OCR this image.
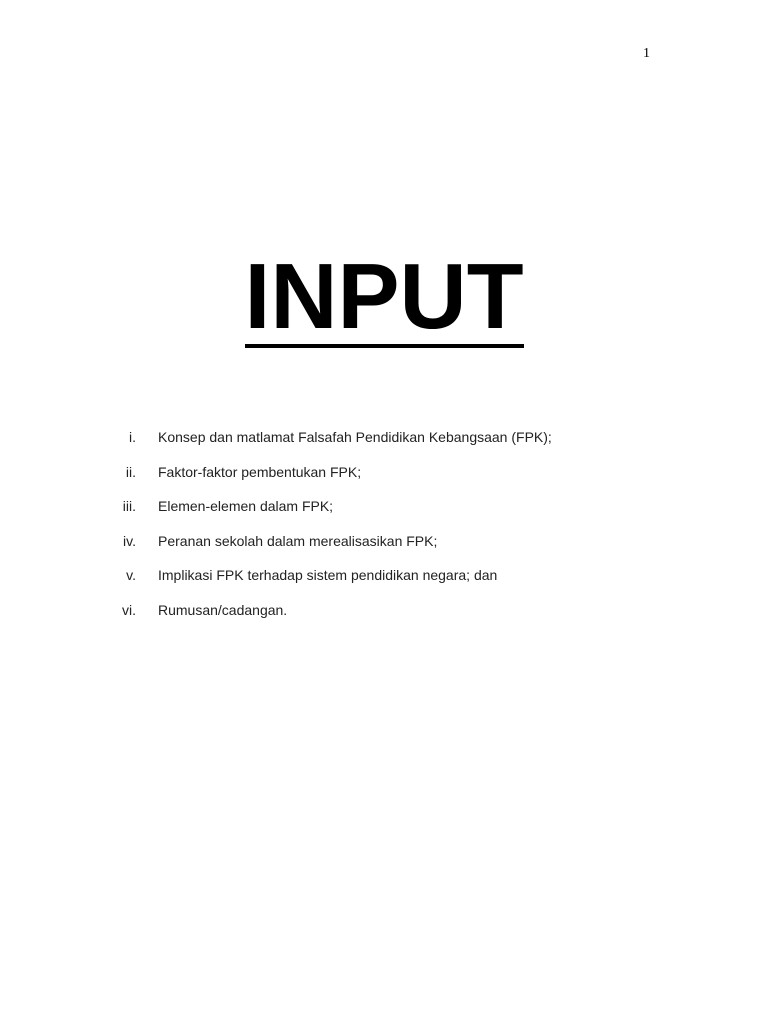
1
INPUT
i. Konsep dan matlamat Falsafah Pendidikan Kebangsaan (FPK);
ii. Faktor-faktor pembentukan FPK;
iii. Elemen-elemen dalam FPK;
iv. Peranan sekolah dalam merealisasikan FPK;
v. Implikasi FPK terhadap sistem pendidikan negara; dan
vi. Rumusan/cadangan.
